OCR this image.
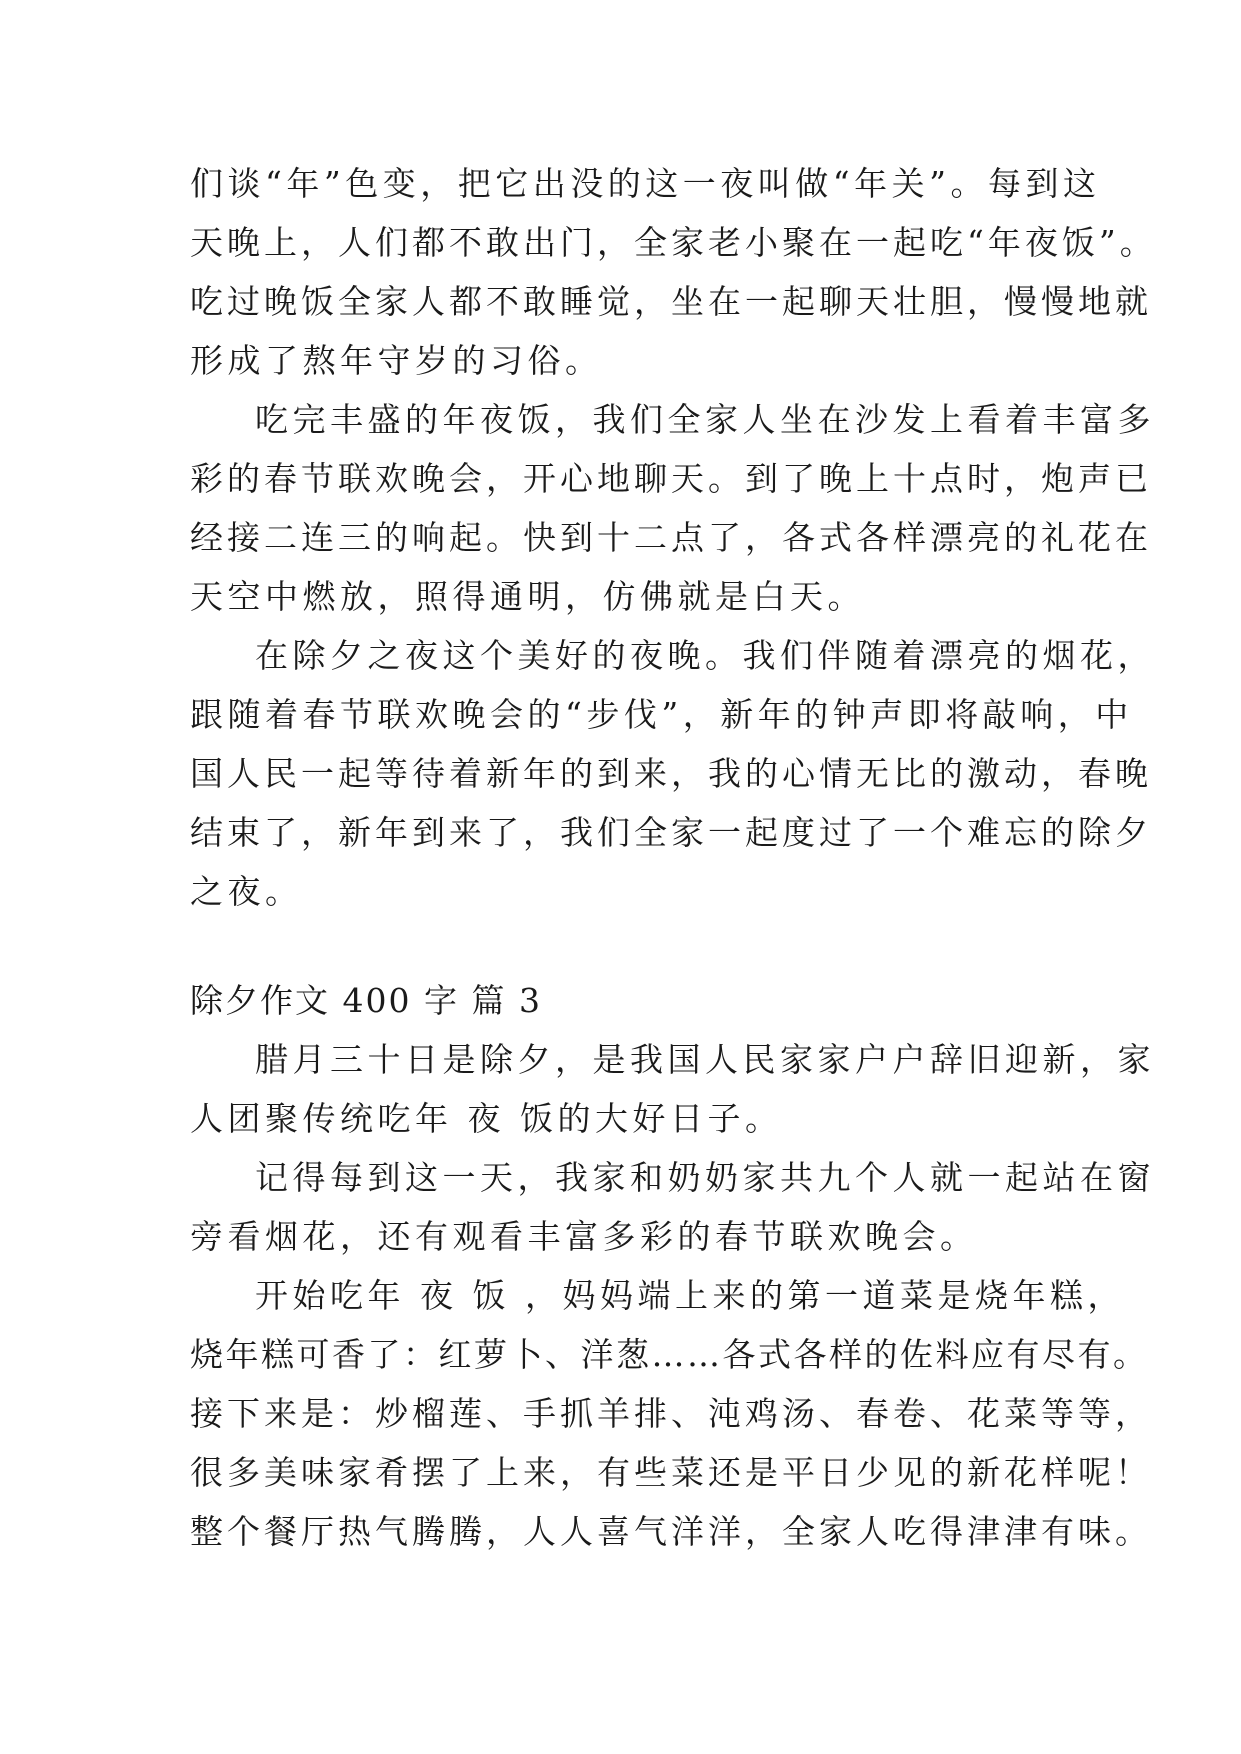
们谈“年”色变，把它出没的这一夜叫做“年关”。每到这
天晚上，人们都不敢出门，全家老小聚在一起吃“年夜饭”。
吃过晚饭全家人都不敢睡觉，坐在一起聊天壮胆，慢慢地就
形成了熬年守岁的习俗。
吃完丰盛的年夜饭，我们全家人坐在沙发上看着丰富多
彩的春节联欢晚会，开心地聊天。到了晚上十点时，炮声已
经接二连三的响起。快到十二点了，各式各样漂亮的礼花在
天空中燃放，照得通明，仿佛就是白天。
在除夕之夜这个美好的夜晚。我们伴随着漂亮的烟花，
跟随着春节联欢晚会的“步伐”，新年的钟声即将敲响，中
国人民一起等待着新年的到来，我的心情无比的激动，春晚
结束了，新年到来了，我们全家一起度过了一个难忘的除夕
之夜。
除夕作文 400 字 篇 3
腊月三十日是除夕，是我国人民家家户户辞旧迎新，家
人团聚传统吃年 夜 饭的大好日子。
记得每到这一天，我家和奶奶家共九个人就一起站在窗
旁看烟花，还有观看丰富多彩的春节联欢晚会。
开始吃年 夜 饭 ，妈妈端上来的第一道菜是烧年糕，
烧年糕可香了：红萝卜、洋葱……各式各样的佐料应有尽有。
接下来是：炒榴莲、手抓羊排、沌鸡汤、春卷、花菜等等，
很多美味家肴摆了上来，有些菜还是平日少见的新花样呢！
整个餐厅热气腾腾，人人喜气洋洋，全家人吃得津津有味。
